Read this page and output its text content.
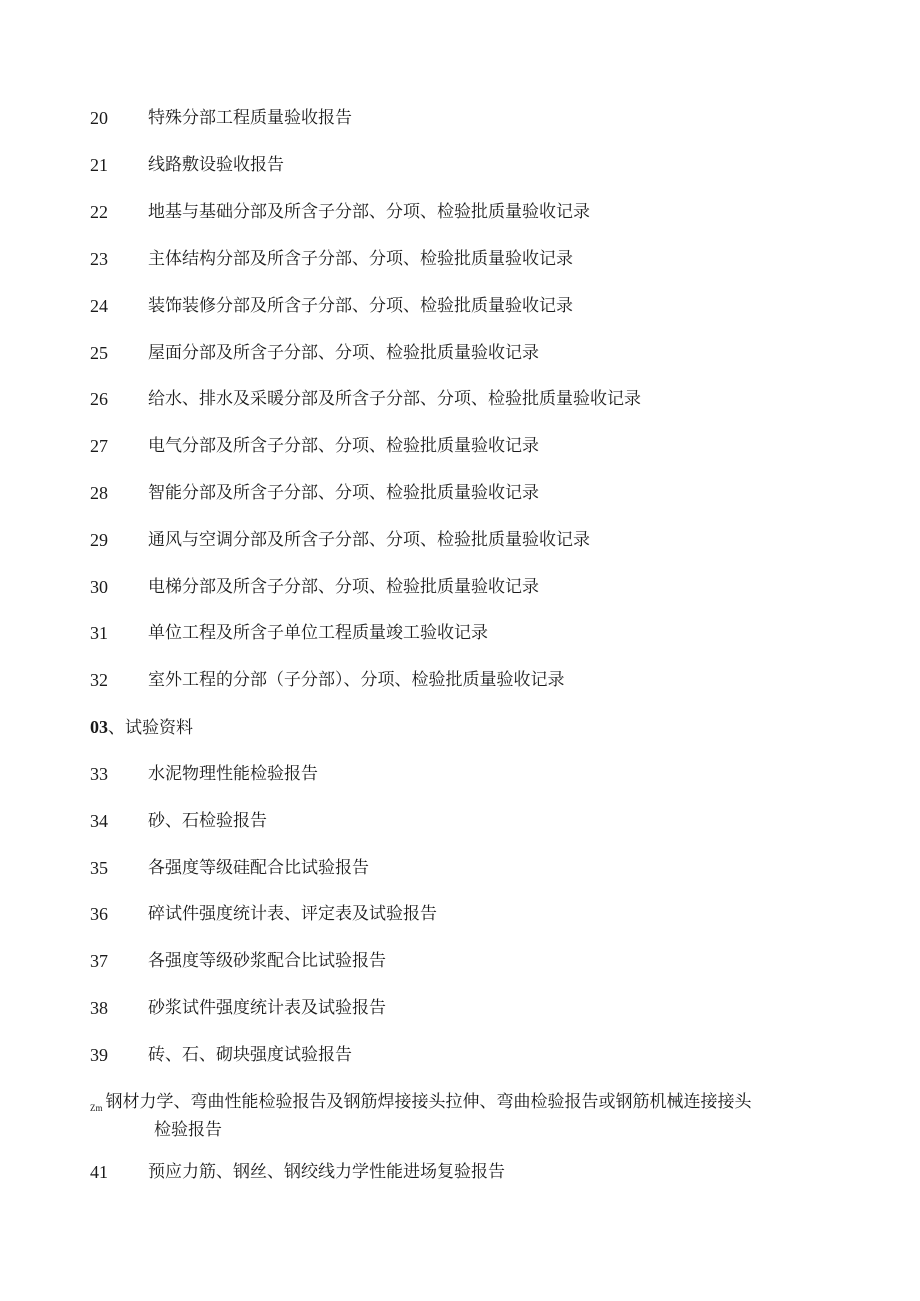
20	特殊分部工程质量验收报告
21	线路敷设验收报告
22	地基与基础分部及所含子分部、分项、检验批质量验收记录
23	主体结构分部及所含子分部、分项、检验批质量验收记录
24	装饰装修分部及所含子分部、分项、检验批质量验收记录
25	屋面分部及所含子分部、分项、检验批质量验收记录
26	给水、排水及采暖分部及所含子分部、分项、检验批质量验收记录
27	电气分部及所含子分部、分项、检验批质量验收记录
28	智能分部及所含子分部、分项、检验批质量验收记录
29	通风与空调分部及所含子分部、分项、检验批质量验收记录
30	电梯分部及所含子分部、分项、检验批质量验收记录
31	单位工程及所含子单位工程质量竣工验收记录
32	室外工程的分部（子分部）、分项、检验批质量验收记录
03、试验资料
33	水泥物理性能检验报告
34	砂、石检验报告
35	各强度等级硅配合比试验报告
36	碎试件强度统计表、评定表及试验报告
37	各强度等级砂浆配合比试验报告
38	砂浆试件强度统计表及试验报告
39	砖、石、砌块强度试验报告
Zm 钢材力学、弯曲性能检验报告及钢筋焊接接头拉伸、弯曲检验报告或钢筋机械连接接头
检验报告
41	预应力筋、钢丝、钢绞线力学性能进场复验报告
